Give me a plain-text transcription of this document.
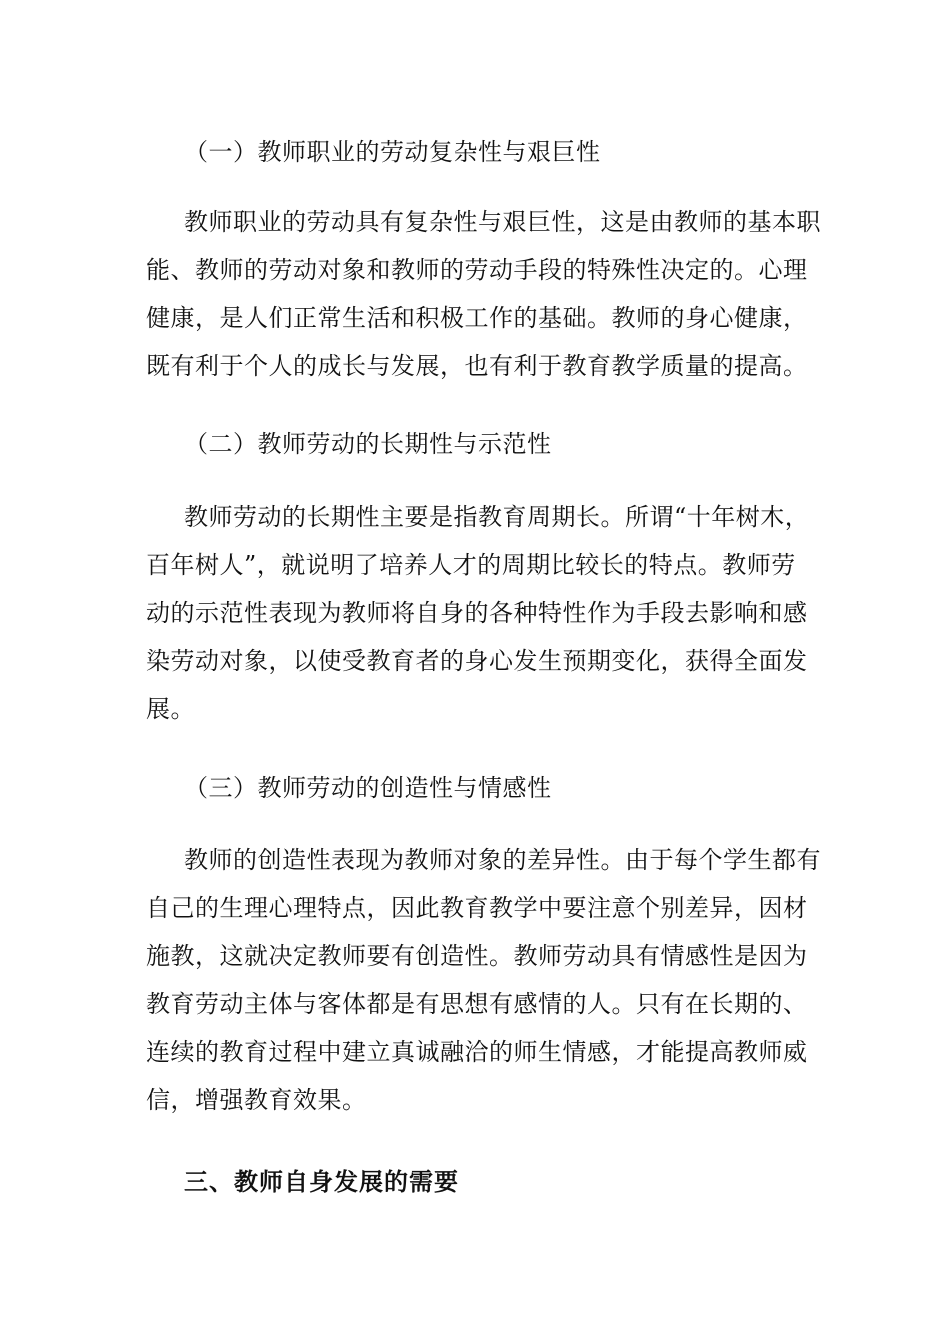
（一）教师职业的劳动复杂性与艰巨性
教师职业的劳动具有复杂性与艰巨性，这是由教师的基本职
能、教师的劳动对象和教师的劳动手段的特殊性决定的。心理
健康，是人们正常生活和积极工作的基础。教师的身心健康，
既有利于个人的成长与发展，也有利于教育教学质量的提高。
（二）教师劳动的长期性与示范性
教师劳动的长期性主要是指教育周期长。所谓“十年树木，
百年树人”，就说明了培养人才的周期比较长的特点。教师劳
动的示范性表现为教师将自身的各种特性作为手段去影响和感
染劳动对象，以使受教育者的身心发生预期变化，获得全面发
展。
（三）教师劳动的创造性与情感性
教师的创造性表现为教师对象的差异性。由于每个学生都有
自己的生理心理特点，因此教育教学中要注意个别差异，因材
施教，这就决定教师要有创造性。教师劳动具有情感性是因为
教育劳动主体与客体都是有思想有感情的人。只有在长期的、
连续的教育过程中建立真诚融洽的师生情感，才能提高教师威
信，增强教育效果。
三、教师自身发展的需要
